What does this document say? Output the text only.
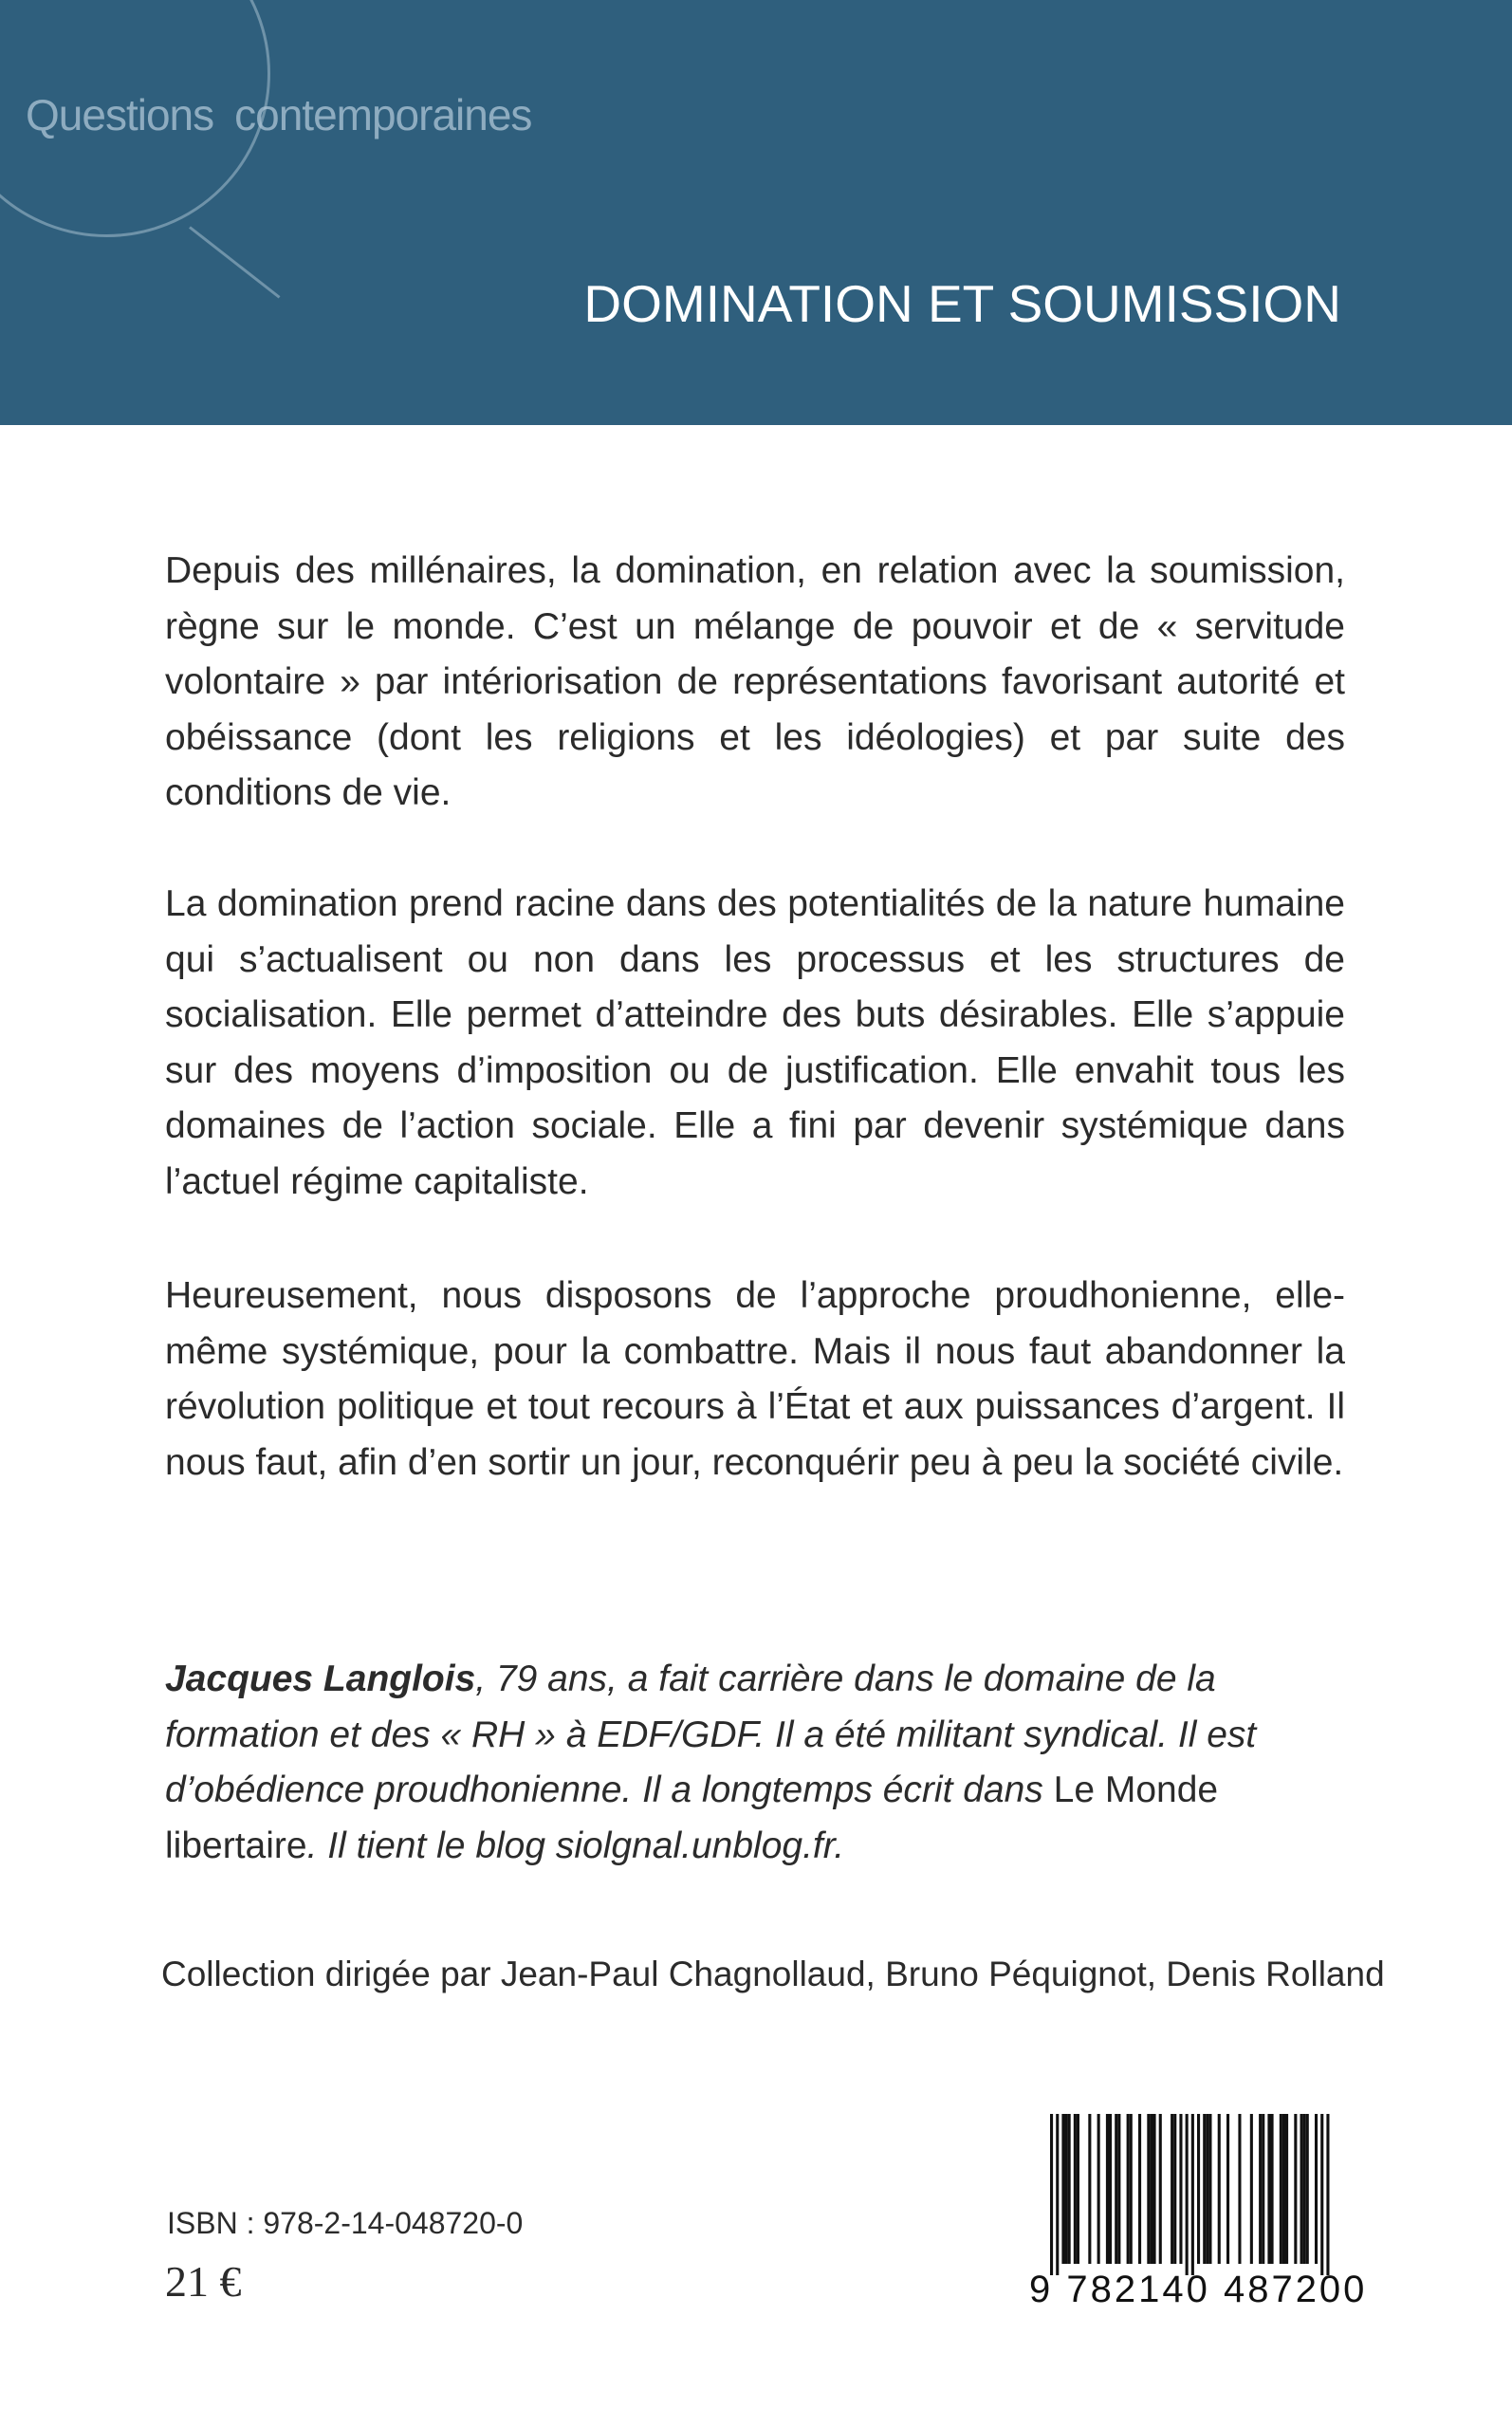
Questions contemporaines
DOMINATION ET SOUMISSION

Depuis des millénaires, la domination, en relation avec la soumission, règne sur le monde. C’est un mélange de pouvoir et de « servitude volontaire » par intériorisation de représentations favorisant autorité et obéissance (dont les religions et les idéologies) et par suite des conditions de vie.

La domination prend racine dans des potentialités de la nature humaine qui s’actualisent ou non dans les processus et les structures de socialisation. Elle permet d’atteindre des buts désirables. Elle s’appuie sur des moyens d’imposition ou de justification. Elle envahit tous les domaines de l’action sociale. Elle a fini par devenir systémique dans l’actuel régime capitaliste.

Heureusement, nous disposons de l’approche proudhonienne, elle-même systémique, pour la combattre. Mais il nous faut abandonner la révolution politique et tout recours à l’État et aux puissances d’argent. Il nous faut, afin d’en sortir un jour, reconquérir peu à peu la société civile.

Jacques Langlois, 79 ans, a fait carrière dans le domaine de la formation et des « RH » à EDF/GDF. Il a été militant syndical. Il est d’obédience proudhonienne. Il a longtemps écrit dans Le Monde libertaire. Il tient le blog siolgnal.unblog.fr.

Collection dirigée par Jean-Paul Chagnollaud, Bruno Péquignot, Denis Rolland
ISBN : 978-2-14-048720-0
21 €	9 782140 487200
